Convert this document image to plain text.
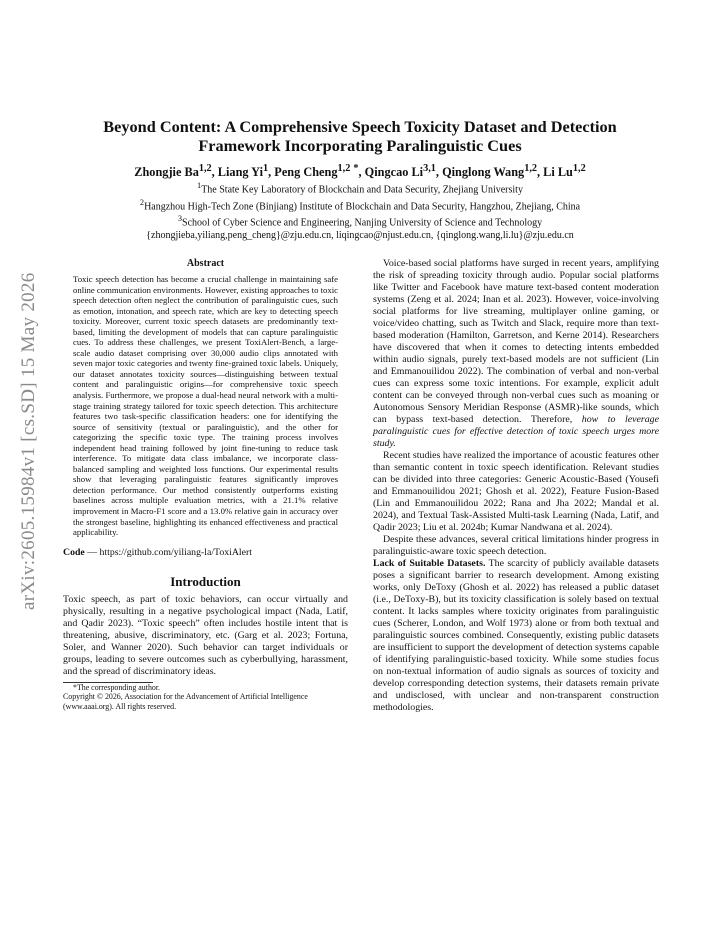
arXiv:2605.15984v1 [cs.SD] 15 May 2026
Beyond Content: A Comprehensive Speech Toxicity Dataset and Detection
Framework Incorporating Paralinguistic Cues
Zhongjie Ba$^{1,2}$, Liang Yi$^1$, Peng Cheng$^{1,2}$ *, Qingcao Li$^{3,1}$, Qinglong Wang$^{1,2}$, Li Lu$^{1,2}$
$^1$The State Key Laboratory of Blockchain and Data Security, Zhejiang University
$^2$Hangzhou High-Tech Zone (Binjiang) Institute of Blockchain and Data Security, Hangzhou, Zhejiang, China
$^3$School of Cyber Science and Engineering, Nanjing University of Science and Technology
{zhongjieba,yiliang,peng_cheng}@zju.edu.cn, liqingcao@njust.edu.cn, {qinglong.wang,li.lu}@zju.edu.cn
Abstract

Toxic speech detection has become a crucial challenge in maintaining safe online communication environments. However, existing approaches to toxic speech detection often neglect the contribution of paralinguistic cues, such as emotion, intonation, and speech rate, which are key to detecting speech toxicity. Moreover, current toxic speech datasets are predominantly text-based, limiting the development of models that can capture paralinguistic cues. To address these challenges, we present ToxiAlert-Bench, a large-scale audio dataset comprising over 30,000 audio clips annotated with seven major toxic categories and twenty fine-grained toxic labels. Uniquely, our dataset annotates toxicity sources—distinguishing between textual content and paralinguistic origins—for comprehensive toxic speech analysis. Furthermore, we propose a dual-head neural network with a multi-stage training strategy tailored for toxic speech detection. This architecture features two task-specific classification headers: one for identifying the source of sensitivity (textual or paralinguistic), and the other for categorizing the specific toxic type. The training process involves independent head training followed by joint fine-tuning to reduce task interference. To mitigate data class imbalance, we incorporate class-balanced sampling and weighted loss functions. Our experimental results show that leveraging paralinguistic features significantly improves detection performance. Our method consistently outperforms existing baselines across multiple evaluation metrics, with a 21.1% relative improvement in Macro-F1 score and a 13.0% relative gain in accuracy over the strongest baseline, highlighting its enhanced effectiveness and practical applicability.

Code — https://github.com/yiliang-la/ToxiAlert
Introduction

Toxic speech, as part of toxic behaviors, can occur virtually and physically, resulting in a negative psychological impact (Nada, Latif, and Qadir 2023). “Toxic speech” often includes hostile intent that is threatening, abusive, discriminatory, etc. (Garg et al. 2023; Fortuna, Soler, and Wanner 2020). Such behavior can target individuals or groups, leading to severe outcomes such as cyberbullying, harassment, and the spread of discriminatory ideas.

*The corresponding author.
Copyright © 2026, Association for the Advancement of Artificial Intelligence (www.aaai.org). All rights reserved.

Voice-based social platforms have surged in recent years, amplifying the risk of spreading toxicity through audio. Popular social platforms like Twitter and Facebook have mature text-based content moderation systems (Zeng et al. 2024; Inan et al. 2023). However, voice-involving social platforms for live streaming, multiplayer online gaming, or voice/video chatting, such as Twitch and Slack, require more than text-based moderation (Hamilton, Garretson, and Kerne 2014). Researchers have discovered that when it comes to detecting intents embedded within audio signals, purely text-based models are not sufficient (Lin and Emmanouilidou 2022). The combination of verbal and non-verbal cues can express some toxic intentions. For example, explicit adult content can be conveyed through non-verbal cues such as moaning or Autonomous Sensory Meridian Response (ASMR)-like sounds, which can bypass text-based detection. Therefore, how to leverage paralinguistic cues for effective detection of toxic speech urges more study.

Recent studies have realized the importance of acoustic features other than semantic content in toxic speech identification. Relevant studies can be divided into three categories: Generic Acoustic-Based (Yousefi and Emmanouilidou 2021; Ghosh et al. 2022), Feature Fusion-Based (Lin and Emmanouilidou 2022; Rana and Jha 2022; Mandal et al. 2024), and Textual Task-Assisted Multi-task Learning (Nada, Latif, and Qadir 2023; Liu et al. 2024b; Kumar Nandwana et al. 2024).

Despite these advances, several critical limitations hinder progress in paralinguistic-aware toxic speech detection.

Lack of Suitable Datasets. The scarcity of publicly available datasets poses a significant barrier to research development. Among existing works, only DeToxy (Ghosh et al. 2022) has released a public dataset (i.e., DeToxy-B), but its toxicity classification is solely based on textual content. It lacks samples where toxicity originates from paralinguistic cues (Scherer, London, and Wolf 1973) alone or from both textual and paralinguistic sources combined. Consequently, existing public datasets are insufficient to support the development of detection systems capable of identifying paralinguistic-based toxicity. While some studies focus on non-textual information of audio signals as sources of toxicity and develop corresponding detection systems, their datasets remain private and undisclosed, with unclear and non-transparent construction methodologies.
